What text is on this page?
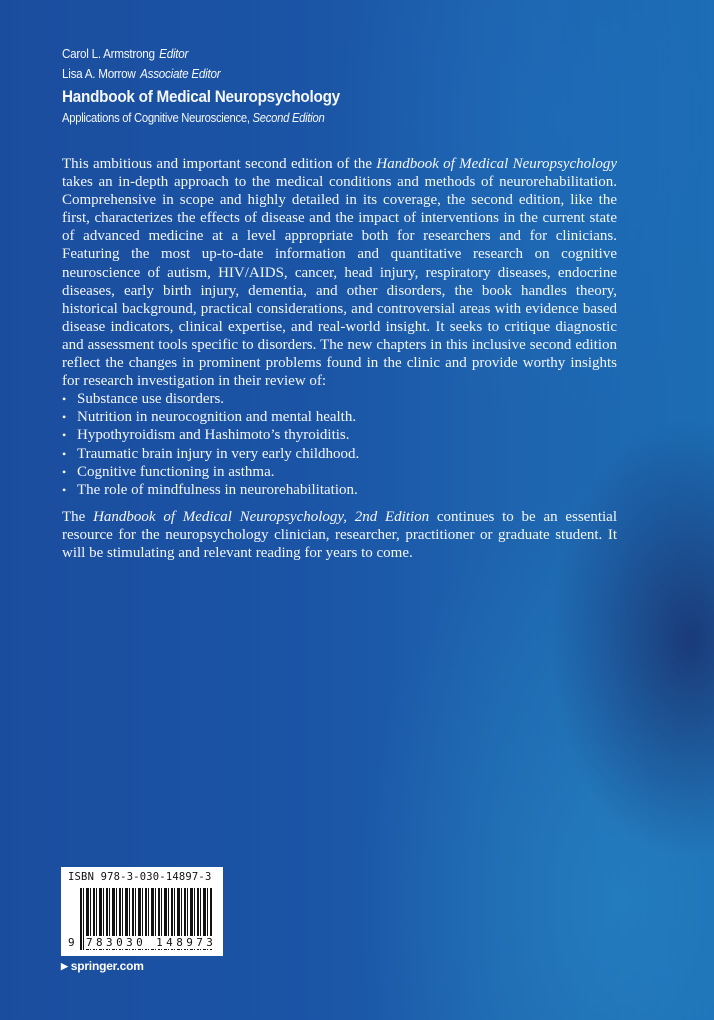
Carol L. Armstrong Editor
Lisa A. Morrow Associate Editor
Handbook of Medical Neuropsychology
Applications of Cognitive Neuroscience, Second Edition

This ambitious and important second edition of the Handbook of Medical Neuropsychology takes an in-depth approach to the medical conditions and methods of neurorehabilitation. Comprehensive in scope and highly detailed in its coverage, the second edition, like the first, characterizes the effects of disease and the impact of interventions in the current state of advanced medicine at a level appropriate both for researchers and for clinicians. Featuring the most up-to-date information and quantitative research on cognitive neuroscience of autism, HIV/AIDS, cancer, head injury, respiratory diseases, endocrine diseases, early birth injury, dementia, and other disorders, the book handles theory, historical background, practical considerations, and controversial areas with evidence based disease indicators, clinical expertise, and real-world insight. It seeks to critique diagnostic and assessment tools specific to disorders. The new chapters in this inclusive second edition reflect the changes in prominent problems found in the clinic and provide worthy insights for research investigation in their review of:

• Substance use disorders.
• Nutrition in neurocognition and mental health.
• Hypothyroidism and Hashimoto’s thyroiditis.
• Traumatic brain injury in very early childhood.
• Cognitive functioning in asthma.
• The role of mindfulness in neurorehabilitation.

The Handbook of Medical Neuropsychology, 2nd Edition continues to be an essential resource for the neuropsychology clinician, researcher, practitioner or graduate student. It will be stimulating and relevant reading for years to come.

ISBN 978-3-030-14897-3
9 783030 148973
▶ springer.com
